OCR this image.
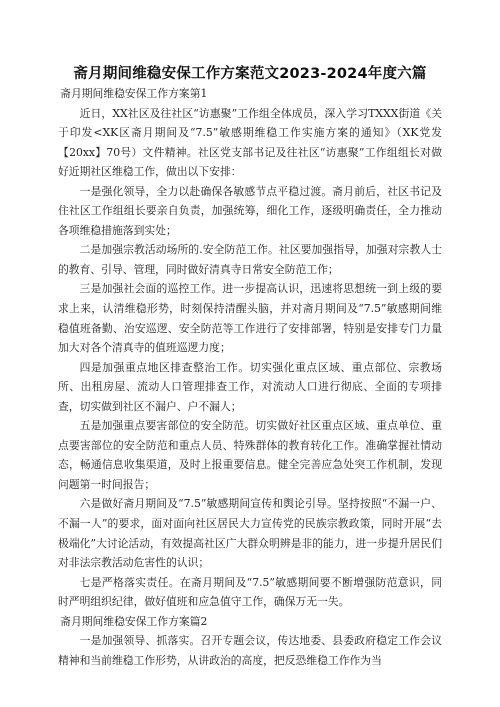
斋月期间维稳安保工作方案范文2023-2024年度六篇

斋月期间维稳安保工作方案第1

近日，XX社区及往社区“访惠聚”工作组全体成员，深入学习TXXX街道《关于印发<XK区斋月期间及“7.5”敏感期维稳工作实施方案的通知》（XK党发【20xx】70号）文件精神。社区党支部书记及往社区“访惠聚”工作组组长对做好近期社区维稳工作，做出以下安排：

一是强化领导，全力以赴确保各敏感节点平稳过渡。斋月前后，社区书记及住社区工作组组长要亲自负责，加强统筹，细化工作，逐级明确责任，全力推动各项维稳措施落到实处；

二是加强宗教活动场所的.安全防范工作。社区要加强指导，加强对宗教人士的教育、引导、管理，同时做好清真寺日常安全防范工作；

三是加强社会面的巡控工作。进一步提高认识，迅速将思想统一到上级的要求上来，认清维稳形势，时刻保持清醒头脑，并对斋月期间及“7.5”敏感期间维稳值班备勤、治安巡逻、安全防范等工作进行了安排部署，特别是安排专门力量加大对各个清真寺的值班巡逻力度；

四是加强重点地区排查整治工作。切实强化重点区域、重点部位、宗教场所、出租房屋、流动人口管理排查工作，对流动人口进行彻底、全面的专项排查，切实做到社区不漏户、户不漏人；

五是加强重点要害部位的安全防范。切实做好社区重点区域、重点单位、重点要害部位的安全防范和重点人员、特殊群体的教育转化工作。准确掌握社情动态，畅通信息收集渠道，及时上报重要信息。健全完善应急处突工作机制，发现问题第一时间报告；

六是做好斋月期间及“7.5”敏感期间宣传和舆论引导。坚持按照“不漏一户、不漏一人”的要求，面对面向社区居民大力宣传党的民族宗教政策，同时开展“去极端化”大讨论活动，有效提高社区广大群众明辨是非的能力，进一步提升居民们对非法宗教活动危害性的认识；

七是严格落实责任。在斋月期间及“7.5”敏感期间要不断增强防范意识，同时严明组织纪律，做好值班和应急值守工作，确保万无一失。

斋月期间维稳安保工作方案篇2

一是加强领导、抓落实。召开专题会议，传达地委、县委政府稳定工作会议精神和当前维稳工作形势，从讲政治的高度，把反恐维稳工作作为当
